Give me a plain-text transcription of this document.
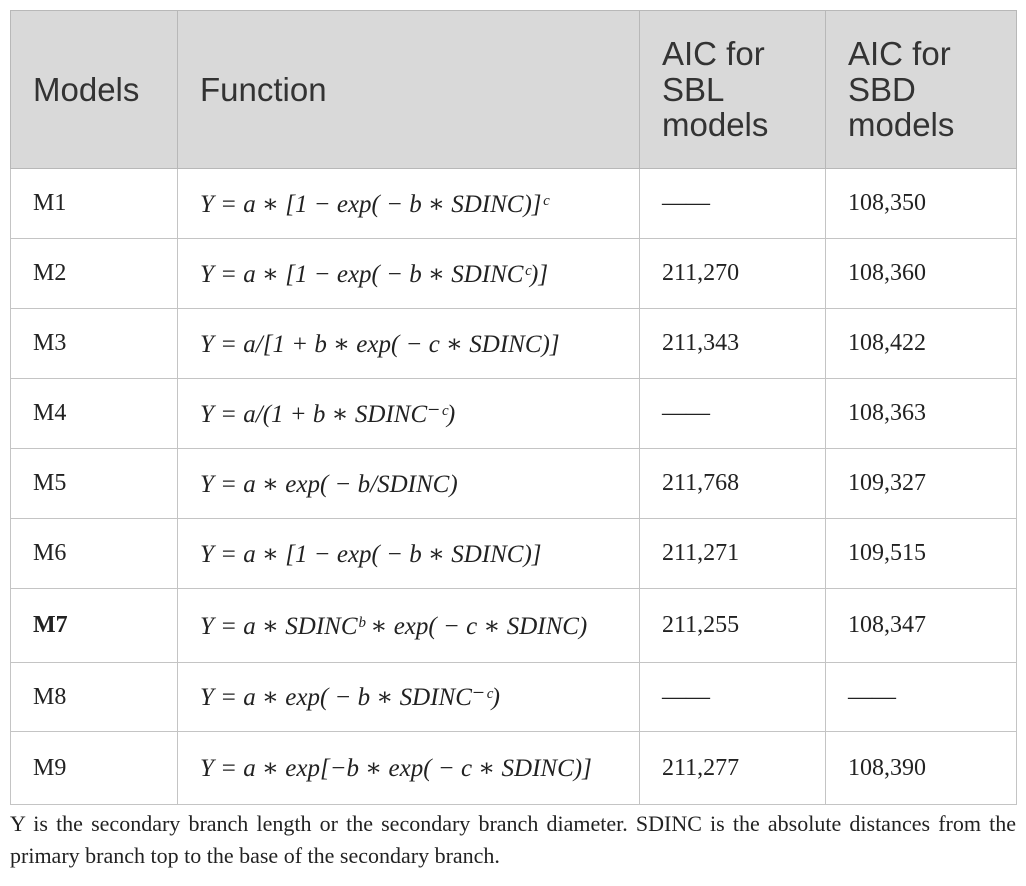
Models	Function	AIC for SBL models	AIC for SBD models
M1	Y = a ∗ [1 − exp( − b ∗ SDINC)]ᶜ	——	108,350
M2	Y = a ∗ [1 − exp( − b ∗ SDINCᶜ)]	211,270	108,360
M3	Y = a/[1 + b ∗ exp( − c ∗ SDINC)]	211,343	108,422
M4	Y = a/(1 + b ∗ SDINC⁻ᶜ)	——	108,363
M5	Y = a ∗ exp( − b/SDINC)	211,768	109,327
M6	Y = a ∗ [1 − exp( − b ∗ SDINC)]	211,271	109,515
M7	Y = a ∗ SDINCᵇ ∗ exp( − c ∗ SDINC)	211,255	108,347
M8	Y = a ∗ exp( − b ∗ SDINC⁻ᶜ)	——	——
M9	Y = a ∗ exp[−b ∗ exp( − c ∗ SDINC)]	211,277	108,390
Y is the secondary branch length or the secondary branch diameter. SDINC is the absolute distances from the primary branch top to the base of the secondary branch.
